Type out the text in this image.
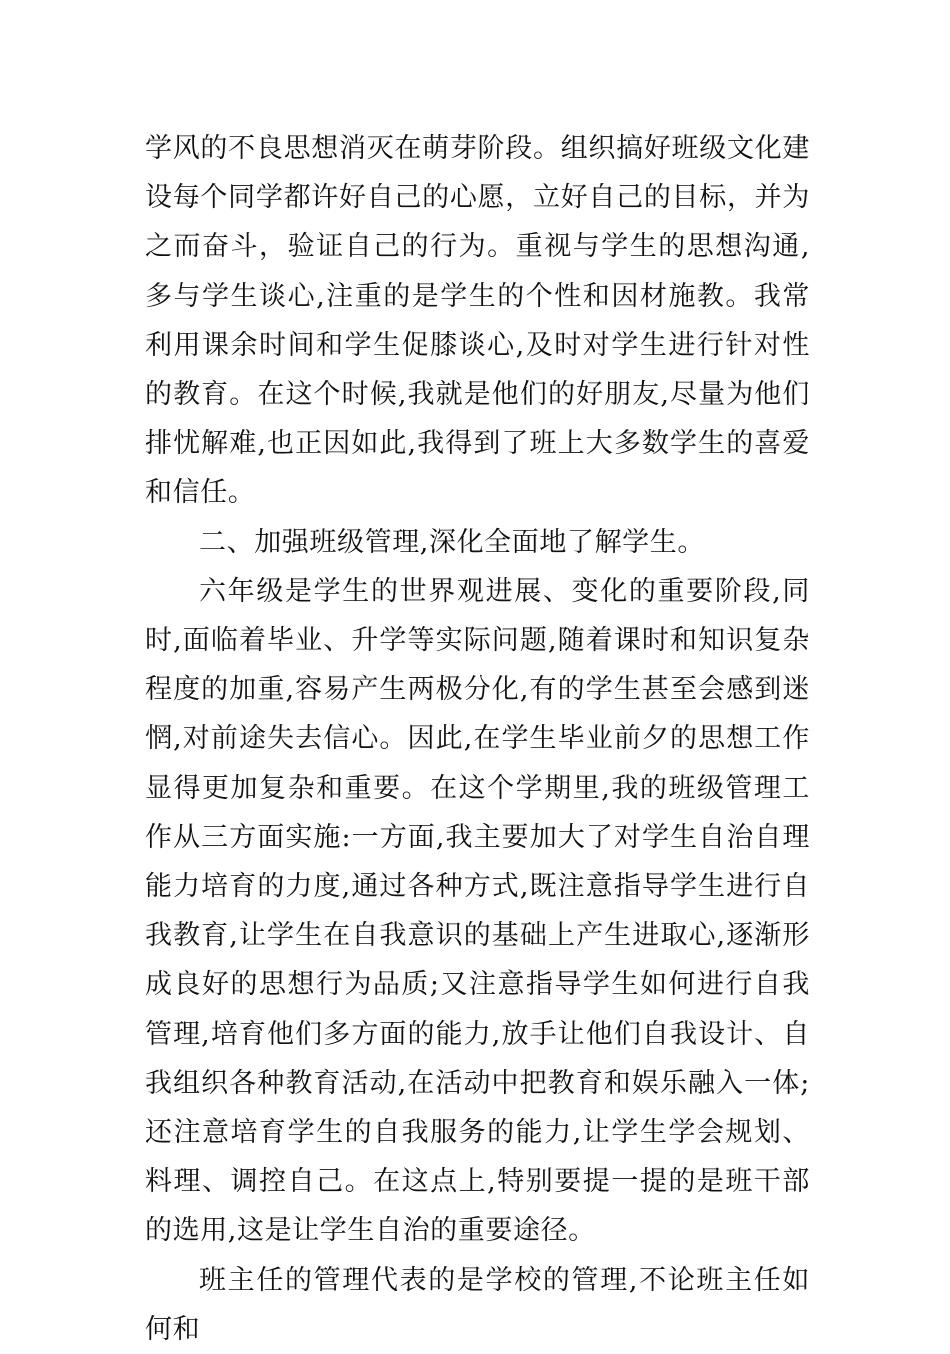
学风的不良思想消灭在萌芽阶段。组织搞好班级文化建设每个同学都许好自己的心愿，立好自己的目标，并为之而奋斗，验证自己的行为。重视与学生的思想沟通,多与学生谈心,注重的是学生的个性和因材施教。我常利用课余时间和学生促膝谈心,及时对学生进行针对性的教育。在这个时候,我就是他们的好朋友,尽量为他们排忧解难,也正因如此,我得到了班上大多数学生的喜爱和信任。

二、加强班级管理,深化全面地了解学生。

六年级是学生的世界观进展、变化的重要阶段,同时,面临着毕业、升学等实际问题,随着课时和知识复杂程度的加重,容易产生两极分化,有的学生甚至会感到迷惘,对前途失去信心。因此,在学生毕业前夕的思想工作显得更加复杂和重要。在这个学期里,我的班级管理工作从三方面实施:一方面,我主要加大了对学生自治自理能力培育的力度,通过各种方式,既注意指导学生进行自我教育,让学生在自我意识的基础上产生进取心,逐渐形成良好的思想行为品质;又注意指导学生如何进行自我管理,培育他们多方面的能力,放手让他们自我设计、自我组织各种教育活动,在活动中把教育和娱乐融入一体;还注意培育学生的自我服务的能力,让学生学会规划、料理、调控自己。在这点上,特别要提一提的是班干部的选用,这是让学生自治的重要途径。

班主任的管理代表的是学校的管理,不论班主任如何和
